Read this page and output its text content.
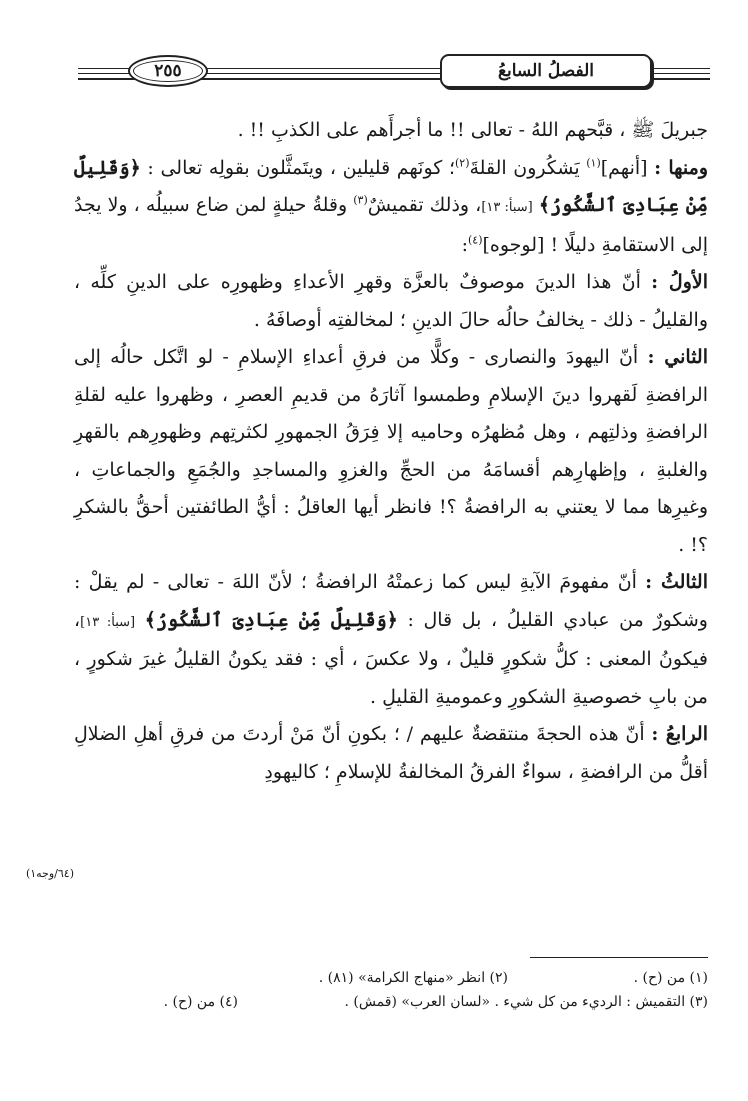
الفصلُ السابعُ
٢٥٥

جبريلَ ﷺ ، قبَّحهم اللهُ - تعالى !! ما أجرأَهم على الكذبِ !! .

ومنها : [أنهم]$^{(١)}$ يَشكُرون القلةَ$^{(٢)}$؛ كونَهم قليلين ، ويتَمثَّلون بقولِه تعالى : ﴿وَقَلِيلٌ مِّنْ عِبَادِىَ ٱلشَّكُورُ﴾ [سبأ: ١٣]، وذلك تقميشٌ$^{(٣)}$ وقلةُ حيلةٍ لمن ضاع سبيلُه ، ولا يجدُ إلى الاستقامةِ دليلًا ! [لوجوه]$^{(٤)}$:

الأولُ : أنّ هذا الدينَ موصوفٌ بالعزَّة وقهرِ الأعداءِ وظهورِه على الدينِ كلِّه ، والقليلُ - ذلك - يخالفُ حالُه حالَ الدينِ ؛ لمخالفتِه أوصافَهُ .

الثاني : أنّ اليهودَ والنصارى - وكلًّا من فرقِ أعداءِ الإسلامِ - لو اتَّكل حالُه إلى الرافضةِ لَقهروا دينَ الإسلامِ وطمسوا آثارَهُ من قديمِ العصرِ ، وظهروا عليه لقلةِ الرافضةِ وذلتِهم ، وهل مُظهرُه وحاميه إلا فِرَقُ الجمهورِ لكثرتِهم وظهورِهم بالقهرِ والغلبةِ ، وإظهارِهم أقسامَهُ من الحجِّ والغزوِ والمساجدِ والجُمَعِ والجماعاتِ ، وغيرِها مما لا يعتني به الرافضةُ ؟! فانظر أيها العاقلُ : أيُّ الطائفتين أحقُّ بالشكرِ ؟! .

الثالثُ : أنّ مفهومَ الآيةِ ليس كما زعمتْهُ الرافضةُ ؛ لأنّ اللهَ - تعالى - لم يقلْ : وشكورٌ من عبادي القليلُ ، بل قال : ﴿وَقَلِيلٌ مِّنْ عِبَادِىَ ٱلشَّكُورُ﴾ [سبأ: ١٣]، فيكونُ المعنى : كلُّ شكورٍ قليلٌ ، ولا عكسَ ، أي : فقد يكونُ القليلُ غيرَ شكورٍ ، من بابِ خصوصيةِ الشكورِ وعموميةِ القليلِ .

الرابعُ : أنّ هذه الحجةَ منتقضةٌ عليهم / ؛ بكونِ أنّ مَنْ أردتَ من فرقِ أهلِ الضلالِ أقلُّ من الرافضةِ ، سواءٌ الفرقُ المخالفةُ للإسلامِ ؛ كاليهودِ

(٦٤/وجه١)
(١) من (ح) .
(٢) انظر «منهاج الكرامة» (٨١) .
(٣) التقميش : الرديء من كل شيء . «لسان العرب» (قمش) .
(٤) من (ح) .
